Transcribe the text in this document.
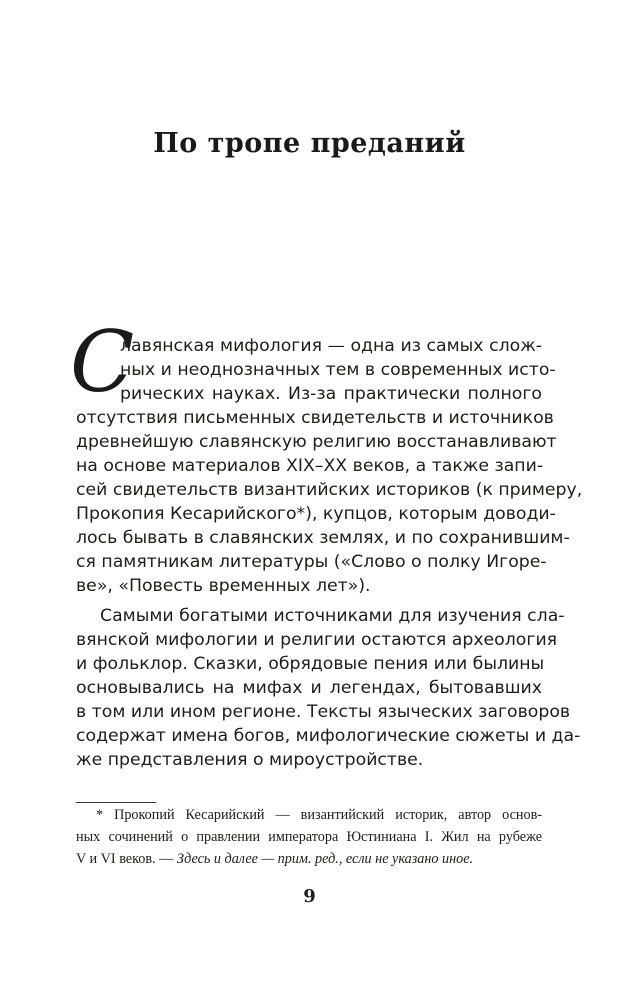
По тропе преданий
С
лавянская мифология — одна из самых слож-
ных и неоднозначных тем в современных исто-
рических науках. Из-за практически полного
отсутствия письменных свидетельств и источников
древнейшую славянскую религию восстанавливают
на основе материалов XIX–XX веков, а также запи-
сей свидетельств византийских историков (к примеру,
Прокопия Кесарийского*), купцов, которым доводи-
лось бывать в славянских землях, и по сохранившим-
ся памятникам литературы («Слово о полку Игоре-
ве», «Повесть временных лет»).
Самыми богатыми источниками для изучения сла-
вянской мифологии и религии остаются археология
и фольклор. Сказки, обрядовые пения или былины
основывались на мифах и легендах, бытовавших
в том или ином регионе. Тексты языческих заговоров
содержат имена богов, мифологические сюжеты и да-
же представления о мироустройстве.
* Прокопий Кесарийский — византийский историк, автор основ-
ных сочинений о правлении императора Юстиниана I. Жил на рубеже
V и VI веков. — Здесь и далее — прим. ред., если не указано иное.
9
